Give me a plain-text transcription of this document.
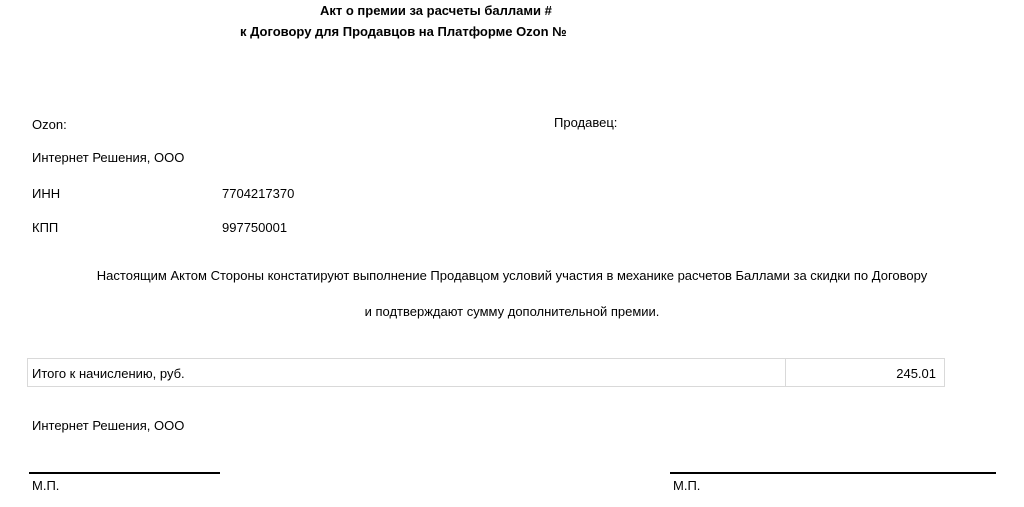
Акт о премии за расчеты баллами #
к Договору для Продавцов на Платформе Ozon №
Ozon:	Продавец:
Интернет Решения, ООО
ИНН	7704217370
КПП	997750001
Настоящим Актом Стороны констатируют выполнение Продавцом условий участия в механике расчетов Баллами за скидки по Договору
и подтверждают сумму дополнительной премии.
Итого к начислению, руб.	245.01
Интернет Решения, ООО
М.П.	М.П.
